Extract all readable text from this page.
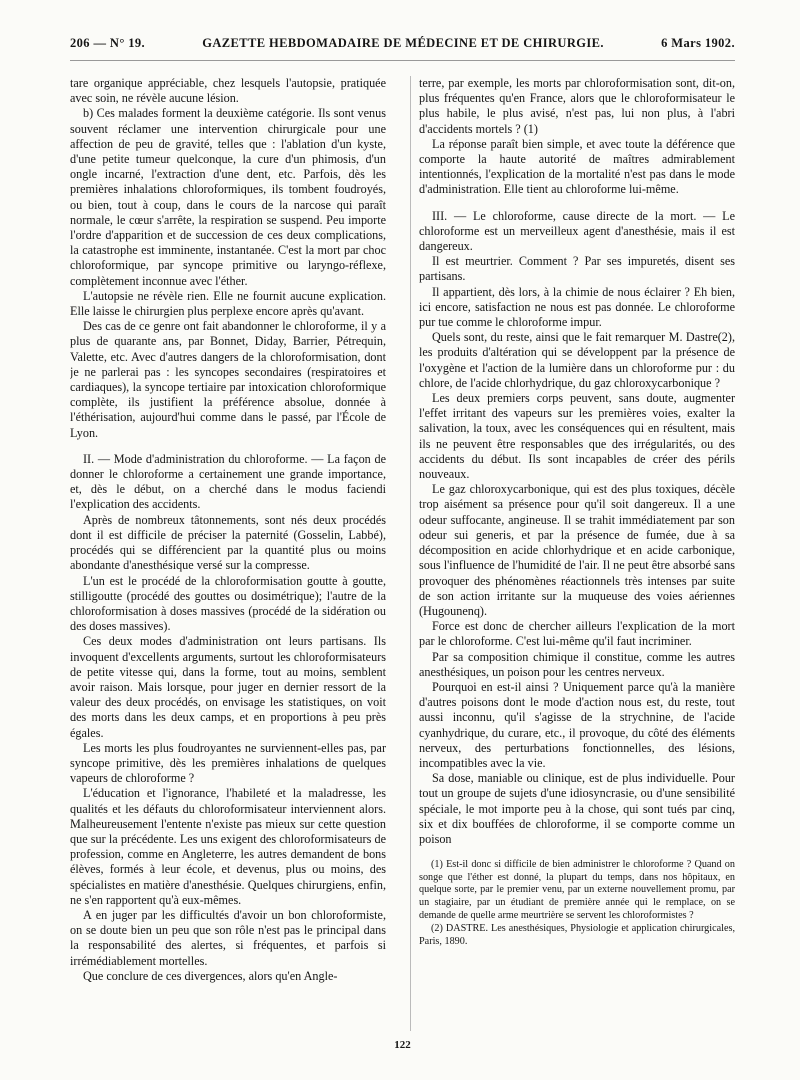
206 — N° 19.	GAZETTE HEBDOMADAIRE DE MÉDECINE ET DE CHIRURGIE.	6 Mars 1902.

tare organique appréciable, chez lesquels l'autopsie, pratiquée avec soin, ne révèle aucune lésion.

b) Ces malades forment la deuxième catégorie. Ils sont venus souvent réclamer une intervention chirurgicale pour une affection de peu de gravité, telles que : l'ablation d'un kyste, d'une petite tumeur quelconque, la cure d'un phimosis, d'un ongle incarné, l'extraction d'une dent, etc. Parfois, dès les premières inhalations chloroformiques, ils tombent foudroyés, ou bien, tout à coup, dans le cours de la narcose qui paraît normale, le cœur s'arrête, la respiration se suspend. Peu importe l'ordre d'apparition et de succession de ces deux complications, la catastrophe est imminente, instantanée. C'est la mort par choc chloroformique, par syncope primitive ou laryngo-réflexe, complètement inconnue avec l'éther.

L'autopsie ne révèle rien. Elle ne fournit aucune explication. Elle laisse le chirurgien plus perplexe encore après qu'avant.

Des cas de ce genre ont fait abandonner le chloroforme, il y a plus de quarante ans, par Bonnet, Diday, Barrier, Pétrequin, Valette, etc. Avec d'autres dangers de la chloroformisation, dont je ne parlerai pas : les syncopes secondaires (respiratoires et cardiaques), la syncope tertiaire par intoxication chloroformique complète, ils justifient la préférence absolue, donnée à l'éthérisation, aujourd'hui comme dans le passé, par l'École de Lyon.

II. — Mode d'administration du chloroforme. — La façon de donner le chloroforme a certainement une grande importance, et, dès le début, on a cherché dans le modus faciendi l'explication des accidents.

Après de nombreux tâtonnements, sont nés deux procédés dont il est difficile de préciser la paternité (Gosselin, Labbé), procédés qui se différencient par la quantité plus ou moins abondante d'anesthésique versé sur la compresse.

L'un est le procédé de la chloroformisation goutte à goutte, stilligoutte (procédé des gouttes ou dosimétrique); l'autre de la chloroformisation à doses massives (procédé de la sidération ou des doses massives).

Ces deux modes d'administration ont leurs partisans. Ils invoquent d'excellents arguments, surtout les chloroformisateurs de petite vitesse qui, dans la forme, tout au moins, semblent avoir raison. Mais lorsque, pour juger en dernier ressort de la valeur des deux procédés, on envisage les statistiques, on voit des morts dans les deux camps, et en proportions à peu près égales.

Les morts les plus foudroyantes ne surviennent-elles pas, par syncope primitive, dès les premières inhalations de quelques vapeurs de chloroforme ?

L'éducation et l'ignorance, l'habileté et la maladresse, les qualités et les défauts du chloroformisateur interviennent alors. Malheureusement l'entente n'existe pas mieux sur cette question que sur la précédente. Les uns exigent des chloroformisateurs de profession, comme en Angleterre, les autres demandent de bons élèves, formés à leur école, et devenus, plus ou moins, des spécialistes en matière d'anesthésie. Quelques chirurgiens, enfin, ne s'en rapportent qu'à eux-mêmes.

A en juger par les difficultés d'avoir un bon chloroformiste, on se doute bien un peu que son rôle n'est pas le principal dans la responsabilité des alertes, si fréquentes, et parfois si irrémédiablement mortelles.

Que conclure de ces divergences, alors qu'en Angle-

terre, par exemple, les morts par chloroformisation sont, dit-on, plus fréquentes qu'en France, alors que le chloroformisateur le plus habile, le plus avisé, n'est pas, lui non plus, à l'abri d'accidents mortels ? (1)

La réponse paraît bien simple, et avec toute la déférence que comporte la haute autorité de maîtres admirablement intentionnés, l'explication de la mortalité n'est pas dans le mode d'administration. Elle tient au chloroforme lui-même.

III. — Le chloroforme, cause directe de la mort. — Le chloroforme est un merveilleux agent d'anesthésie, mais il est dangereux.

Il est meurtrier. Comment ? Par ses impuretés, disent ses partisans.

Il appartient, dès lors, à la chimie de nous éclairer ? Eh bien, ici encore, satisfaction ne nous est pas donnée. Le chloroforme pur tue comme le chloroforme impur.

Quels sont, du reste, ainsi que le fait remarquer M. Dastre(2), les produits d'altération qui se développent par la présence de l'oxygène et l'action de la lumière dans un chloroforme pur : du chlore, de l'acide chlorhydrique, du gaz chloroxycarbonique ?

Les deux premiers corps peuvent, sans doute, augmenter l'effet irritant des vapeurs sur les premières voies, exalter la salivation, la toux, avec les conséquences qui en résultent, mais ils ne peuvent être responsables que des irrégularités, ou des accidents du début. Ils sont incapables de créer des périls nouveaux.

Le gaz chloroxycarbonique, qui est des plus toxiques, décèle trop aisément sa présence pour qu'il soit dangereux. Il a une odeur suffocante, angineuse. Il se trahit immédiatement par son odeur sui generis, et par la présence de fumée, due à sa décomposition en acide chlorhydrique et en acide carbonique, sous l'influence de l'humidité de l'air. Il ne peut être absorbé sans provoquer des phénomènes réactionnels très intenses par suite de son action irritante sur la muqueuse des voies aériennes (Hugounenq).

Force est donc de chercher ailleurs l'explication de la mort par le chloroforme. C'est lui-même qu'il faut incriminer.

Par sa composition chimique il constitue, comme les autres anesthésiques, un poison pour les centres nerveux.

Pourquoi en est-il ainsi ? Uniquement parce qu'à la manière d'autres poisons dont le mode d'action nous est, du reste, tout aussi inconnu, qu'il s'agisse de la strychnine, de l'acide cyanhydrique, du curare, etc., il provoque, du côté des éléments nerveux, des perturbations fonctionnelles, des lésions, incompatibles avec la vie.

Sa dose, maniable ou clinique, est de plus individuelle. Pour tout un groupe de sujets d'une idiosyncrasie, ou d'une sensibilité spéciale, le mot importe peu à la chose, qui sont tués par cinq, six et dix bouffées de chloroforme, il se comporte comme un poison

(1) Est-il donc si difficile de bien administrer le chloroforme ? Quand on songe que l'éther est donné, la plupart du temps, dans nos hôpitaux, en quelque sorte, par le premier venu, par un externe nouvellement promu, par un stagiaire, par un étudiant de première année qui le remplace, on se demande de quelle arme meurtrière se servent les chloroformistes ?

(2) DASTRE. Les anesthésiques, Physiologie et application chirurgicales, Paris, 1890.

122
